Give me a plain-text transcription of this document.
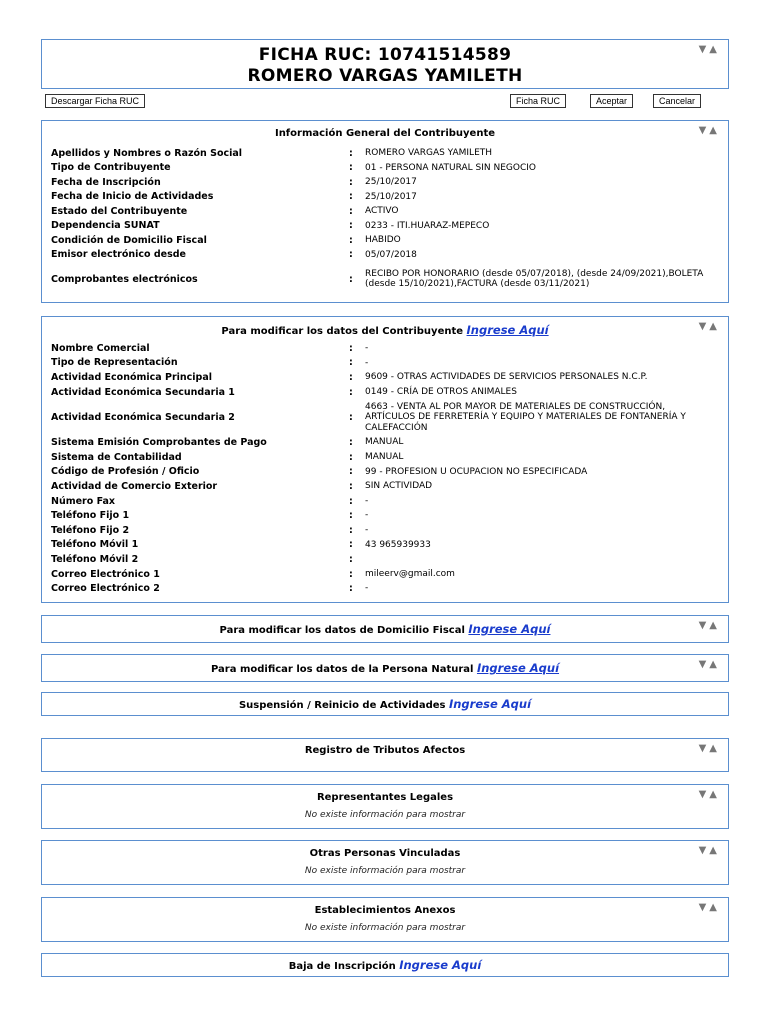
FICHA RUC: 10741514589
ROMERO VARGAS YAMILETH
▼▲
Descargar Ficha RUC	Ficha RUC	Aceptar	Cancelar
Información General del Contribuyente	▼▲
Apellidos y Nombres o Razón Social	:	ROMERO VARGAS YAMILETH
Tipo de Contribuyente	:	01 - PERSONA NATURAL SIN NEGOCIO
Fecha de Inscripción	:	25/10/2017
Fecha de Inicio de Actividades	:	25/10/2017
Estado del Contribuyente	:	ACTIVO
Dependencia SUNAT	:	0233 - ITI.HUARAZ-MEPECO
Condición de Domicilio Fiscal	:	HABIDO
Emisor electrónico desde	:	05/07/2018
Comprobantes electrónicos	:	RECIBO POR HONORARIO (desde 05/07/2018), (desde 24/09/2021),BOLETA (desde 15/10/2021),FACTURA (desde 03/11/2021)
Para modificar los datos del Contribuyente Ingrese Aquí	▼▲
Nombre Comercial	:	-
Tipo de Representación	:	-
Actividad Económica Principal	:	9609 - OTRAS ACTIVIDADES DE SERVICIOS PERSONALES N.C.P.
Actividad Económica Secundaria 1	:	0149 - CRÍA DE OTROS ANIMALES
Actividad Económica Secundaria 2	:	4663 - VENTA AL POR MAYOR DE MATERIALES DE CONSTRUCCIÓN, ARTÍCULOS DE FERRETERÍA Y EQUIPO Y MATERIALES DE FONTANERÍA Y CALEFACCIÓN
Sistema Emisión Comprobantes de Pago	:	MANUAL
Sistema de Contabilidad	:	MANUAL
Código de Profesión / Oficio	:	99 - PROFESION U OCUPACION NO ESPECIFICADA
Actividad de Comercio Exterior	:	SIN ACTIVIDAD
Número Fax	:	-
Teléfono Fijo 1	:	-
Teléfono Fijo 2	:	-
Teléfono Móvil 1	:	43 965939933
Teléfono Móvil 2	:	
Correo Electrónico 1	:	mileerv@gmail.com
Correo Electrónico 2	:	-
Para modificar los datos de Domicilio Fiscal Ingrese Aquí	▼▲
Para modificar los datos de la Persona Natural Ingrese Aquí	▼▲
Suspensión / Reinicio de Actividades Ingrese Aquí
Registro de Tributos Afectos	▼▲
Representantes Legales
No existe información para mostrar
▼▲
Otras Personas Vinculadas
No existe información para mostrar
▼▲
Establecimientos Anexos
No existe información para mostrar
▼▲
Baja de Inscripción Ingrese Aquí
